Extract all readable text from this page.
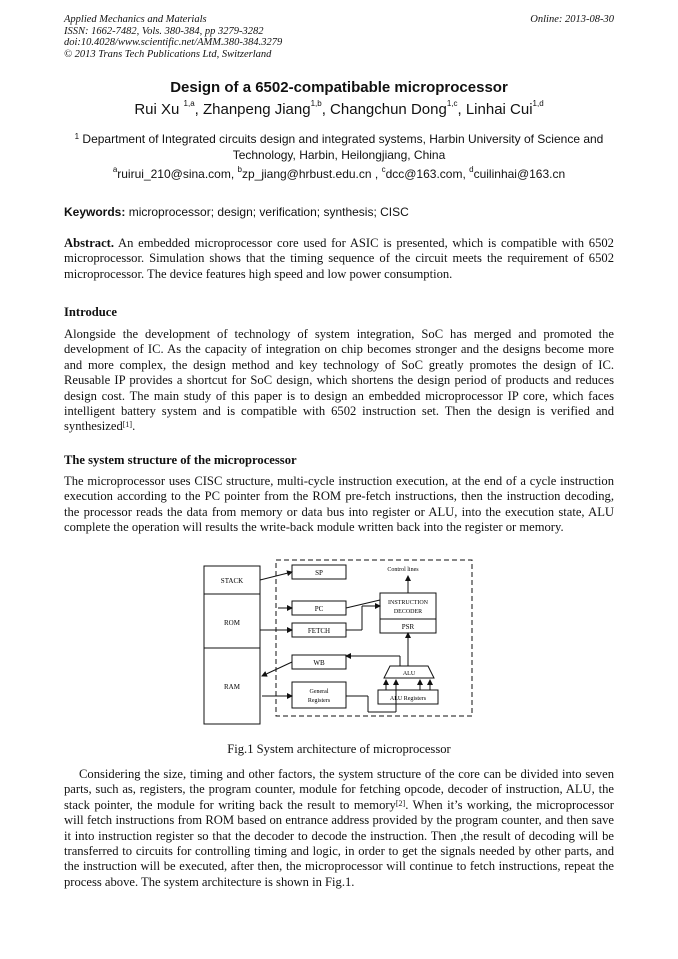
Applied Mechanics and Materials
ISSN: 1662-7482, Vols. 380-384, pp 3279-3282
doi:10.4028/www.scientific.net/AMM.380-384.3279
© 2013 Trans Tech Publications Ltd, Switzerland
Online: 2013-08-30
Design of a 6502-compatibable microprocessor
Rui Xu $^{1,a}$, Zhanpeng Jiang$^{1,b}$, Changchun Dong$^{1,c}$, Linhai Cui$^{1,d}$
$^1$ Department of Integrated circuits design and integrated systems, Harbin University of Science and Technology, Harbin, Heilongjiang, China
$^a$ruirui_210@sina.com, $^b$zp_jiang@hrbust.edu.cn , $^c$dcc@163.com, $^d$cuilinhai@163.cn
Keywords: microprocessor; design; verification; synthesis; CISC
Abstract. An embedded microprocessor core used for ASIC is presented, which is compatible with 6502 microprocessor. Simulation shows that the timing sequence of the circuit meets the requirement of 6502 microprocessor. The device features high speed and low power consumption.
Introduce
Alongside the development of technology of system integration, SoC has merged and promoted the development of IC. As the capacity of integration on chip becomes stronger and the designs become more and more complex, the design method and key technology of SoC greatly promotes the design of IC. Reusable IP provides a shortcut for SoC design, which shortens the design period of products and reduces design cost. The main study of this paper is to design an embedded microprocessor IP core, which faces intelligent battery system and is compatible with 6502 instruction set. Then the design is verified and synthesized[1].
The system structure of the microprocessor
The microprocessor uses CISC structure, multi-cycle instruction execution, at the end of a cycle instruction execution according to the PC pointer from the ROM pre-fetch instructions, then the instruction decoding, the processor reads the data from memory or data bus into register or ALU, into the execution state, ALU complete the operation will results the write-back module written back into the register or memory.
STACK
ROM
RAM
SP
PC
FETCH
WB
General
Registers
Control lines
INSTRUCTION
DECODER
PSR
ALU
ALU Registers
Fig.1 System architecture of microprocessor
Considering the size, timing and other factors, the system structure of the core can be divided into seven parts, such as, registers, the program counter, module for fetching opcode, decoder of instruction, ALU, the stack pointer, the module for writing back the result to memory[2]. When it’s working, the microprocessor will fetch instructions from ROM based on entrance address provided by the program counter, and then save it into instruction register so that the decoder to decode the instruction. Then ,the result of decoding will be transferred to circuits for controlling timing and logic, in order to get the signals needed by other parts, and the instruction will be executed, after then, the microprocessor will continue to fetch instructions, repeat the process above. The system architecture is shown in Fig.1.
